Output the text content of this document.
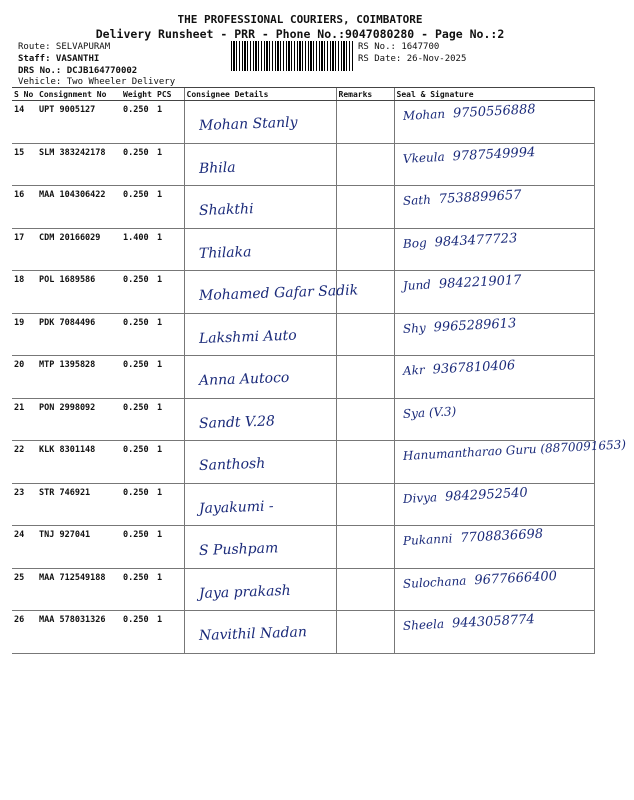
THE PROFESSIONAL COURIERS, COIMBATORE
Delivery Runsheet - PRR - Phone No.:9047080280 - Page No.:2
Route: SELVAPURAM
Staff: VASANTHI
DRS No.: DCJB164770002
Vehicle: Two Wheeler Delivery
RS No.: 1647700
RS Date: 26-Nov-2025
S No	Consignment No	Weight	PCS	Consignee Details	Remarks	Seal & Signature
14	UPT 9005127	0.250	1	Mohan Stanly		Mohan 9750556888

15	SLM 383242178	0.250	1	Bhila		Vkeula 9787549994

16	MAA 104306422	0.250	1	Shakthi		Sath 7538899657

17	CDM 20166029	1.400	1	Thilaka		Bog 9843477723

18	POL 1689586	0.250	1	Mohamed Gafar Sadik		Jund 9842219017

19	PDK 7084496	0.250	1	Lakshmi Auto		Shy 9965289613

20	MTP 1395828	0.250	1	Anna Autoco		Akr 9367810406

21	PON 2998092	0.250	1	Sandt V.28		Sya (V.3)

22	KLK 8301148	0.250	1	Santhosh		Hanumantharao Guru (8870091653)

23	STR 746921	0.250	1	Jayakumi -		Divya 9842952540

24	TNJ 927041	0.250	1	S Pushpam		Pukanni 7708836698

25	MAA 712549188	0.250	1	Jaya prakash		Sulochana 9677666400

26	MAA 578031326	0.250	1	Navithil Nadan		Sheela 9443058774
